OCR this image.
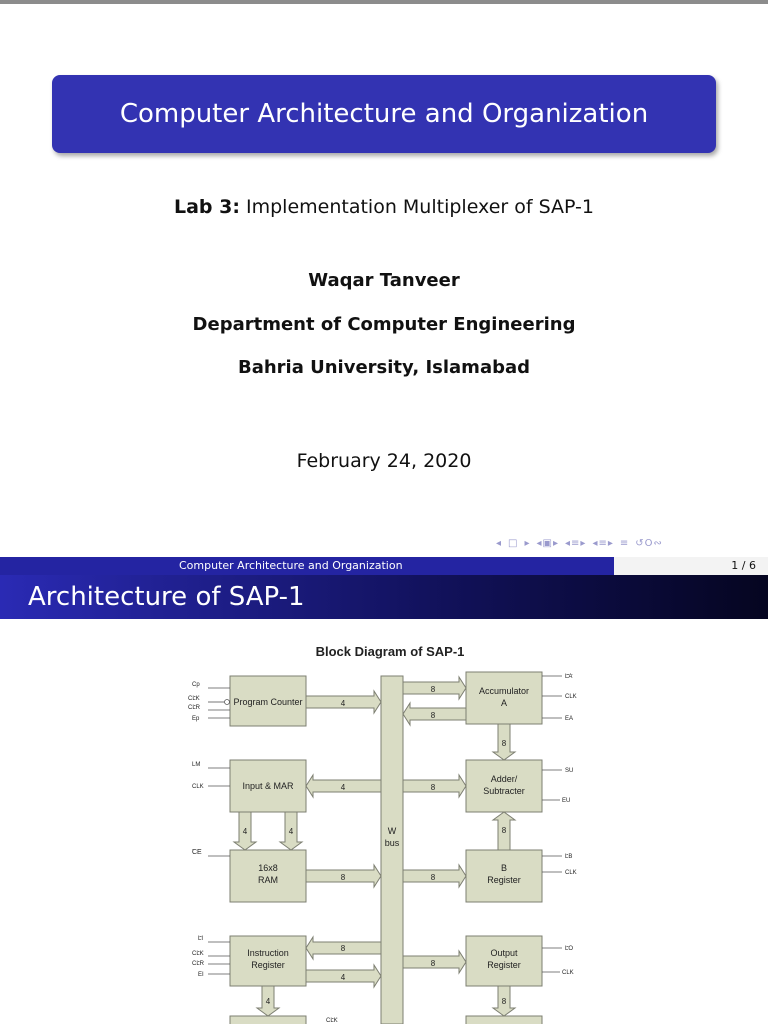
Computer Architecture and Organization
Lab 3: Implementation Multiplexer of SAP-1
Waqar Tanveer
Department of Computer Engineering
Bahria University, Islamabad
February 24, 2020
◂ □ ▸ ◂▣▸ ◂≡▸ ◂≡▸ ≡ ↺Ο∾
Computer Architecture and Organization	1 / 6
Architecture of SAP-1
Block Diagram of SAP-1
W
bus
Program Counter
Input & MAR
16x8
RAM
Instruction
Register
Accumulator
A
Adder/
Subtracter
B
Register
Output
Register
4
4
4	4
8
8
4
4
8
8
8
8
8
8
8
8
Cp
CLK
CLR
Ep
LM
CLK
CE
LI
CLK
CLR
EI
CLK
LA
CLK
EA
SU
EU
LB
CLK
LO
CLK
